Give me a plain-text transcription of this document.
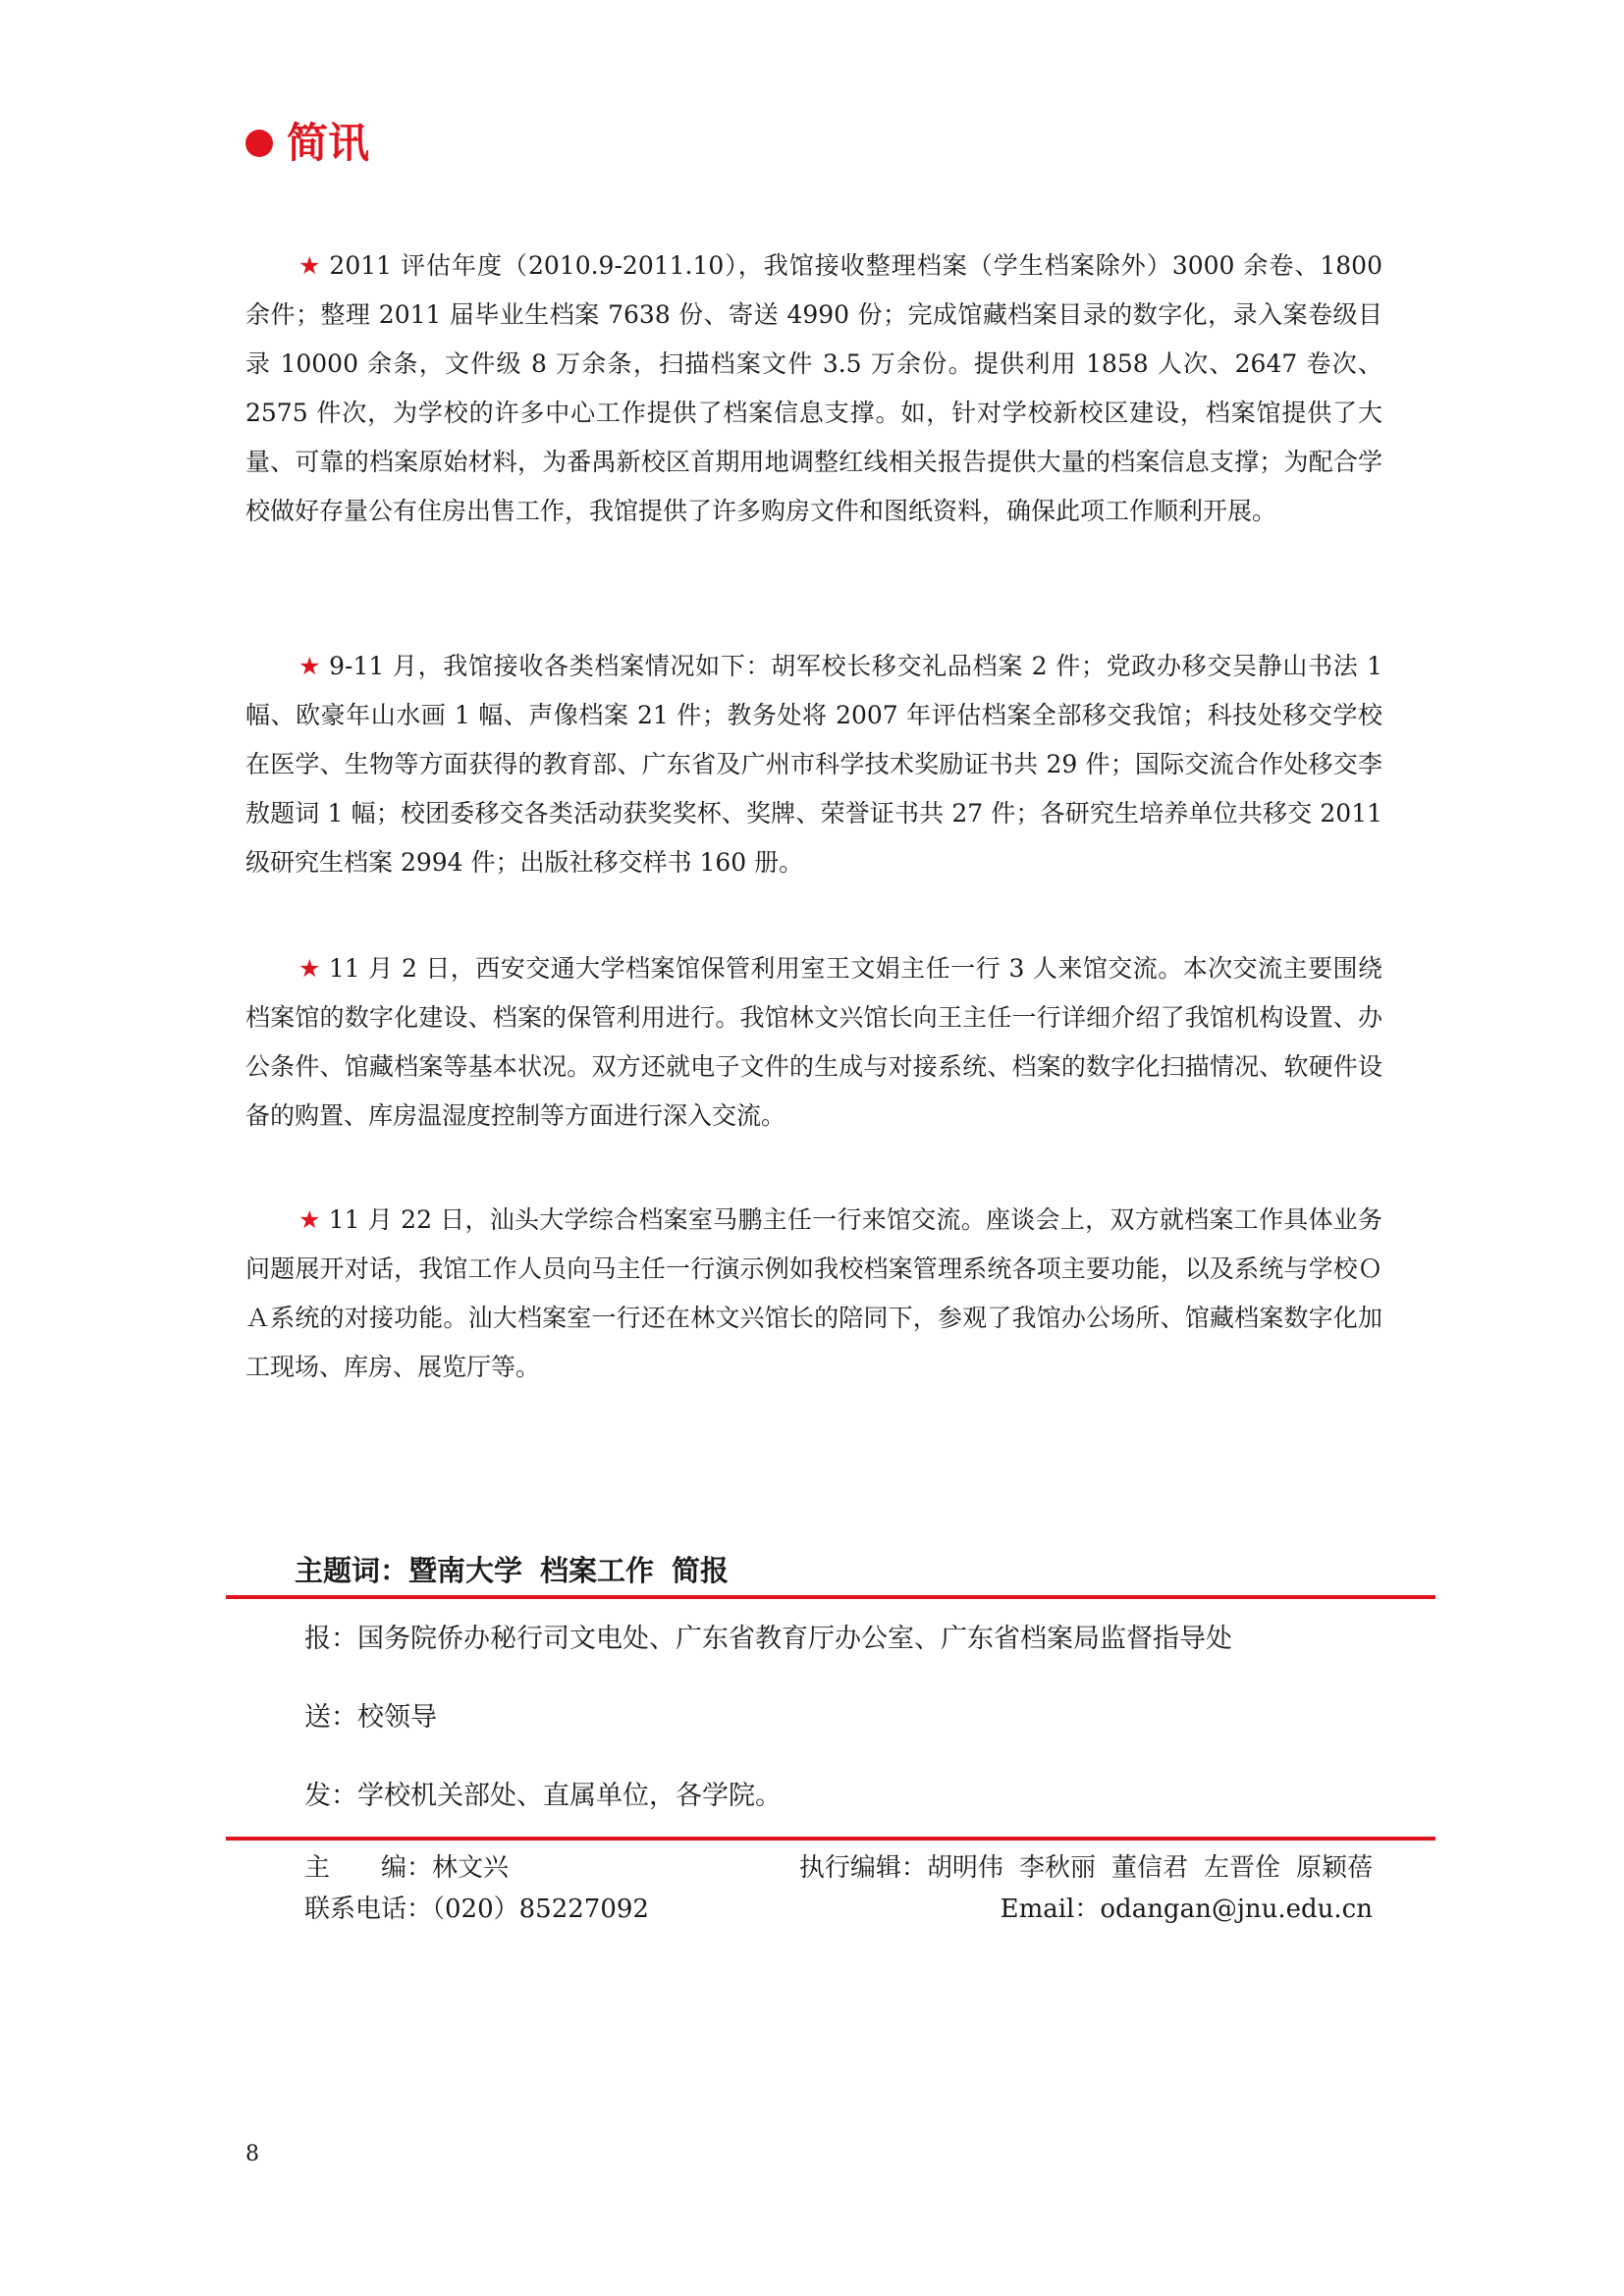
简讯

★ 2011 评估年度（2010.9-2011.10），我馆接收整理档案（学生档案除外）3000 余卷、1800 余件；整理 2011 届毕业生档案 7638 份、寄送 4990 份；完成馆藏档案目录的数字化，录入案卷级目录 10000 余条，文件级 8 万余条，扫描档案文件 3.5 万余份。提供利用 1858 人次、2647 卷次、2575 件次，为学校的许多中心工作提供了档案信息支撑。如，针对学校新校区建设，档案馆提供了大量、可靠的档案原始材料，为番禺新校区首期用地调整红线相关报告提供大量的档案信息支撑；为配合学校做好存量公有住房出售工作，我馆提供了许多购房文件和图纸资料，确保此项工作顺利开展。

★ 9-11 月，我馆接收各类档案情况如下：胡军校长移交礼品档案 2 件；党政办移交吴静山书法 1 幅、欧豪年山水画 1 幅、声像档案 21 件；教务处将 2007 年评估档案全部移交我馆；科技处移交学校在医学、生物等方面获得的教育部、广东省及广州市科学技术奖励证书共 29 件；国际交流合作处移交李敖题词 1 幅；校团委移交各类活动获奖奖杯、奖牌、荣誉证书共 27 件；各研究生培养单位共移交 2011 级研究生档案 2994 件；出版社移交样书 160 册。

★ 11 月 2 日，西安交通大学档案馆保管利用室王文娟主任一行 3 人来馆交流。本次交流主要围绕档案馆的数字化建设、档案的保管利用进行。我馆林文兴馆长向王主任一行详细介绍了我馆机构设置、办公条件、馆藏档案等基本状况。双方还就电子文件的生成与对接系统、档案的数字化扫描情况、软硬件设备的购置、库房温湿度控制等方面进行深入交流。

★ 11 月 22 日，汕头大学综合档案室马鹏主任一行来馆交流。座谈会上，双方就档案工作具体业务问题展开对话，我馆工作人员向马主任一行演示例如我校档案管理系统各项主要功能，以及系统与学校ＯＡ系统的对接功能。汕大档案室一行还在林文兴馆长的陪同下，参观了我馆办公场所、馆藏档案数字化加工现场、库房、展览厅等。

主题词：暨南大学 档案工作 简报
报：国务院侨办秘行司文电处、广东省教育厅办公室、广东省档案局监督指导处
送：校领导
发：学校机关部处、直属单位，各学院。
主　　编：林文兴	执行编辑：胡明伟 李秋丽 董信君 左晋佺 原颖蓓
联系电话：（020）85227092	Email：odangan@jnu.edu.cn
8
